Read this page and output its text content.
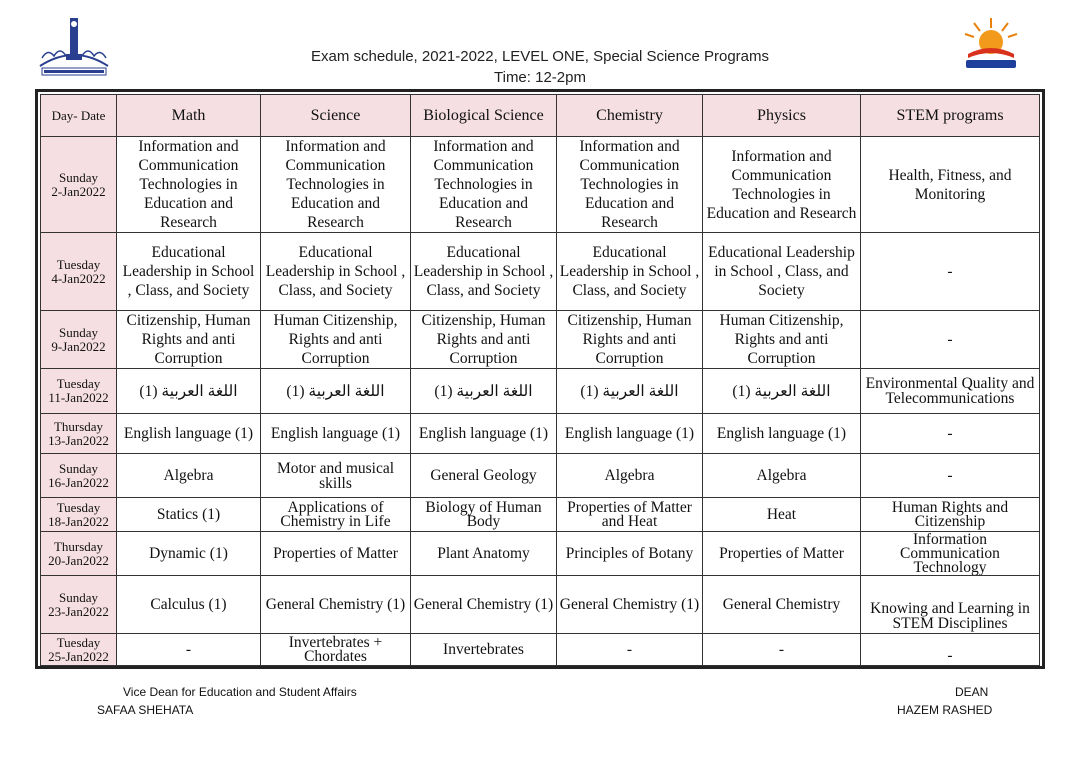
Exam schedule, 2021-2022, LEVEL ONE, Special Science Programs
Time: 12-2pm
Day- Date	Math	Science	Biological Science	Chemistry	Physics	STEM programs

Sunday
2-Jan2022	Information and Communication Technologies in Education and Research	Information and Communication Technologies in Education and Research	Information and Communication Technologies in Education and Research	Information and Communication Technologies in Education and Research	Information and Communication Technologies in Education and Research	Health, Fitness, and Monitoring

Tuesday
4-Jan2022	Educational Leadership in School , Class, and Society	Educational Leadership in School , Class, and Society	Educational Leadership in School , Class, and Society	Educational Leadership in School , Class, and Society	Educational Leadership in School , Class, and Society	-

Sunday
9-Jan2022	Citizenship, Human Rights and anti Corruption	Human Citizenship, Rights and anti Corruption	Citizenship, Human Rights and anti Corruption	Citizenship, Human Rights and anti Corruption	Human Citizenship, Rights and anti Corruption	-

Tuesday
11-Jan2022	اللغة العربية (1)	اللغة العربية (1)	اللغة العربية (1)	اللغة العربية (1)	اللغة العربية (1)	Environmental Quality and Telecommunications

Thursday
13-Jan2022	English language (1)	English language (1)	English language (1)	English language (1)	English language (1)	-

Sunday
16-Jan2022	Algebra	Motor and musical skills	General Geology	Algebra	Algebra	-

Tuesday
18-Jan2022	Statics (1)	Applications of Chemistry in Life	Biology of Human Body	Properties of Matter and Heat	Heat	Human Rights and Citizenship

Thursday
20-Jan2022	Dynamic (1)	Properties of Matter	Plant Anatomy	Principles of Botany	Properties of Matter	Information Communication Technology

Sunday
23-Jan2022	Calculus (1)	General Chemistry (1)	General Chemistry (1)	General Chemistry (1)	General Chemistry	Knowing and Learning in STEM Disciplines

Tuesday
25-Jan2022	-	Invertebrates + Chordates	Invertebrates	-	-	-
Vice Dean for Education and Student Affairs
SAFAA SHEHATA
DEAN
HAZEM RASHED
